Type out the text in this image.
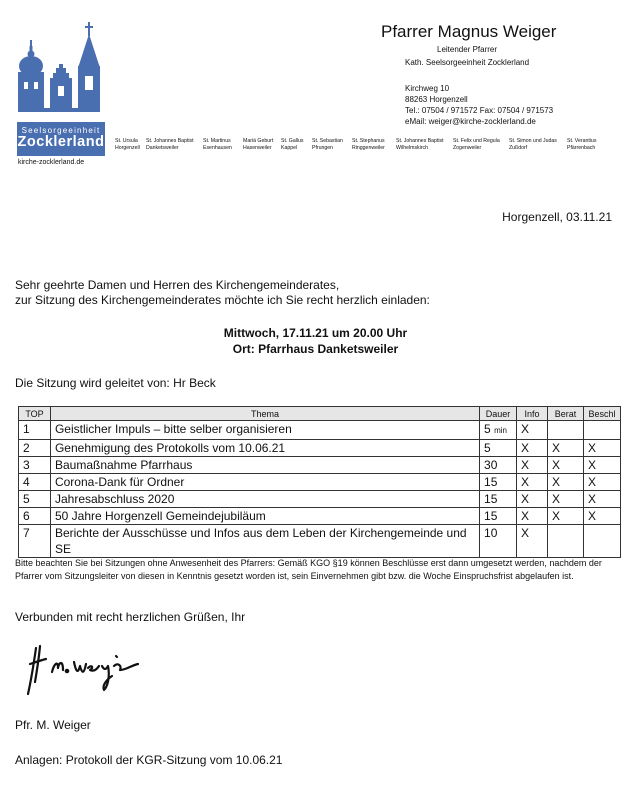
Seelsorgeeinheit
Zocklerland
kirche-zocklerland.de
St. Ursula
Horgenzell
St. Johannes Baptist
Danketsweiler
St. Martinus
Esenhausen
Mariä Geburt
Hasenweiler
St. Gallus
Kappel
St. Sebastian
Pfrungen
St. Stephanus
Ringgenweiler
St. Johannes Baptist
Wilhelmskirch
St. Felix und Regula
Zogenweiler
St. Simon und Judas
Zußdorf
St. Verantius
Pfärrenbach
Pfarrer Magnus Weiger
Leitender Pfarrer
Kath. Seelsorgeeinheit Zocklerland
Kirchweg 10
88263 Horgenzell
Tel.: 07504 / 971572 Fax: 07504 / 971573
eMail: weiger@kirche-zocklerland.de
Horgenzell, 03.11.21
Sehr geehrte Damen und Herren des Kirchengemeinderates,
zur Sitzung des Kirchengemeinderates möchte ich Sie recht herzlich einladen:
Mittwoch, 17.11.21 um 20.00 Uhr
Ort: Pfarrhaus Danketsweiler
Die Sitzung wird geleitet von: Hr Beck
TOP	Thema	Dauer	Info	Berat	Beschl
1	Geistlicher Impuls – bitte selber organisieren	5 min	X		
2	Genehmigung des Protokolls vom 10.06.21	5	X	X	X
3	Baumaßnahme Pfarrhaus	30	X	X	X
4	Corona-Dank für Ordner	15	X	X	X
5	Jahresabschluss 2020	15	X	X	X
6	50 Jahre Horgenzell Gemeindejubiläum	15	X	X	X
7	Berichte der Ausschüsse und Infos aus dem Leben der Kirchengemeinde und SE	10	X		
Bitte beachten Sie bei Sitzungen ohne Anwesenheit des Pfarrers: Gemäß KGO §19 können Beschlüsse erst dann umgesetzt werden, nachdem der Pfarrer vom Sitzungsleiter von diesen in Kenntnis gesetzt worden ist, sein Einvernehmen gibt bzw. die Woche Einspruchsfrist abgelaufen ist.
Verbunden mit recht herzlichen Grüßen, Ihr
Pfr. M. Weiger
Anlagen: Protokoll der KGR-Sitzung vom 10.06.21
